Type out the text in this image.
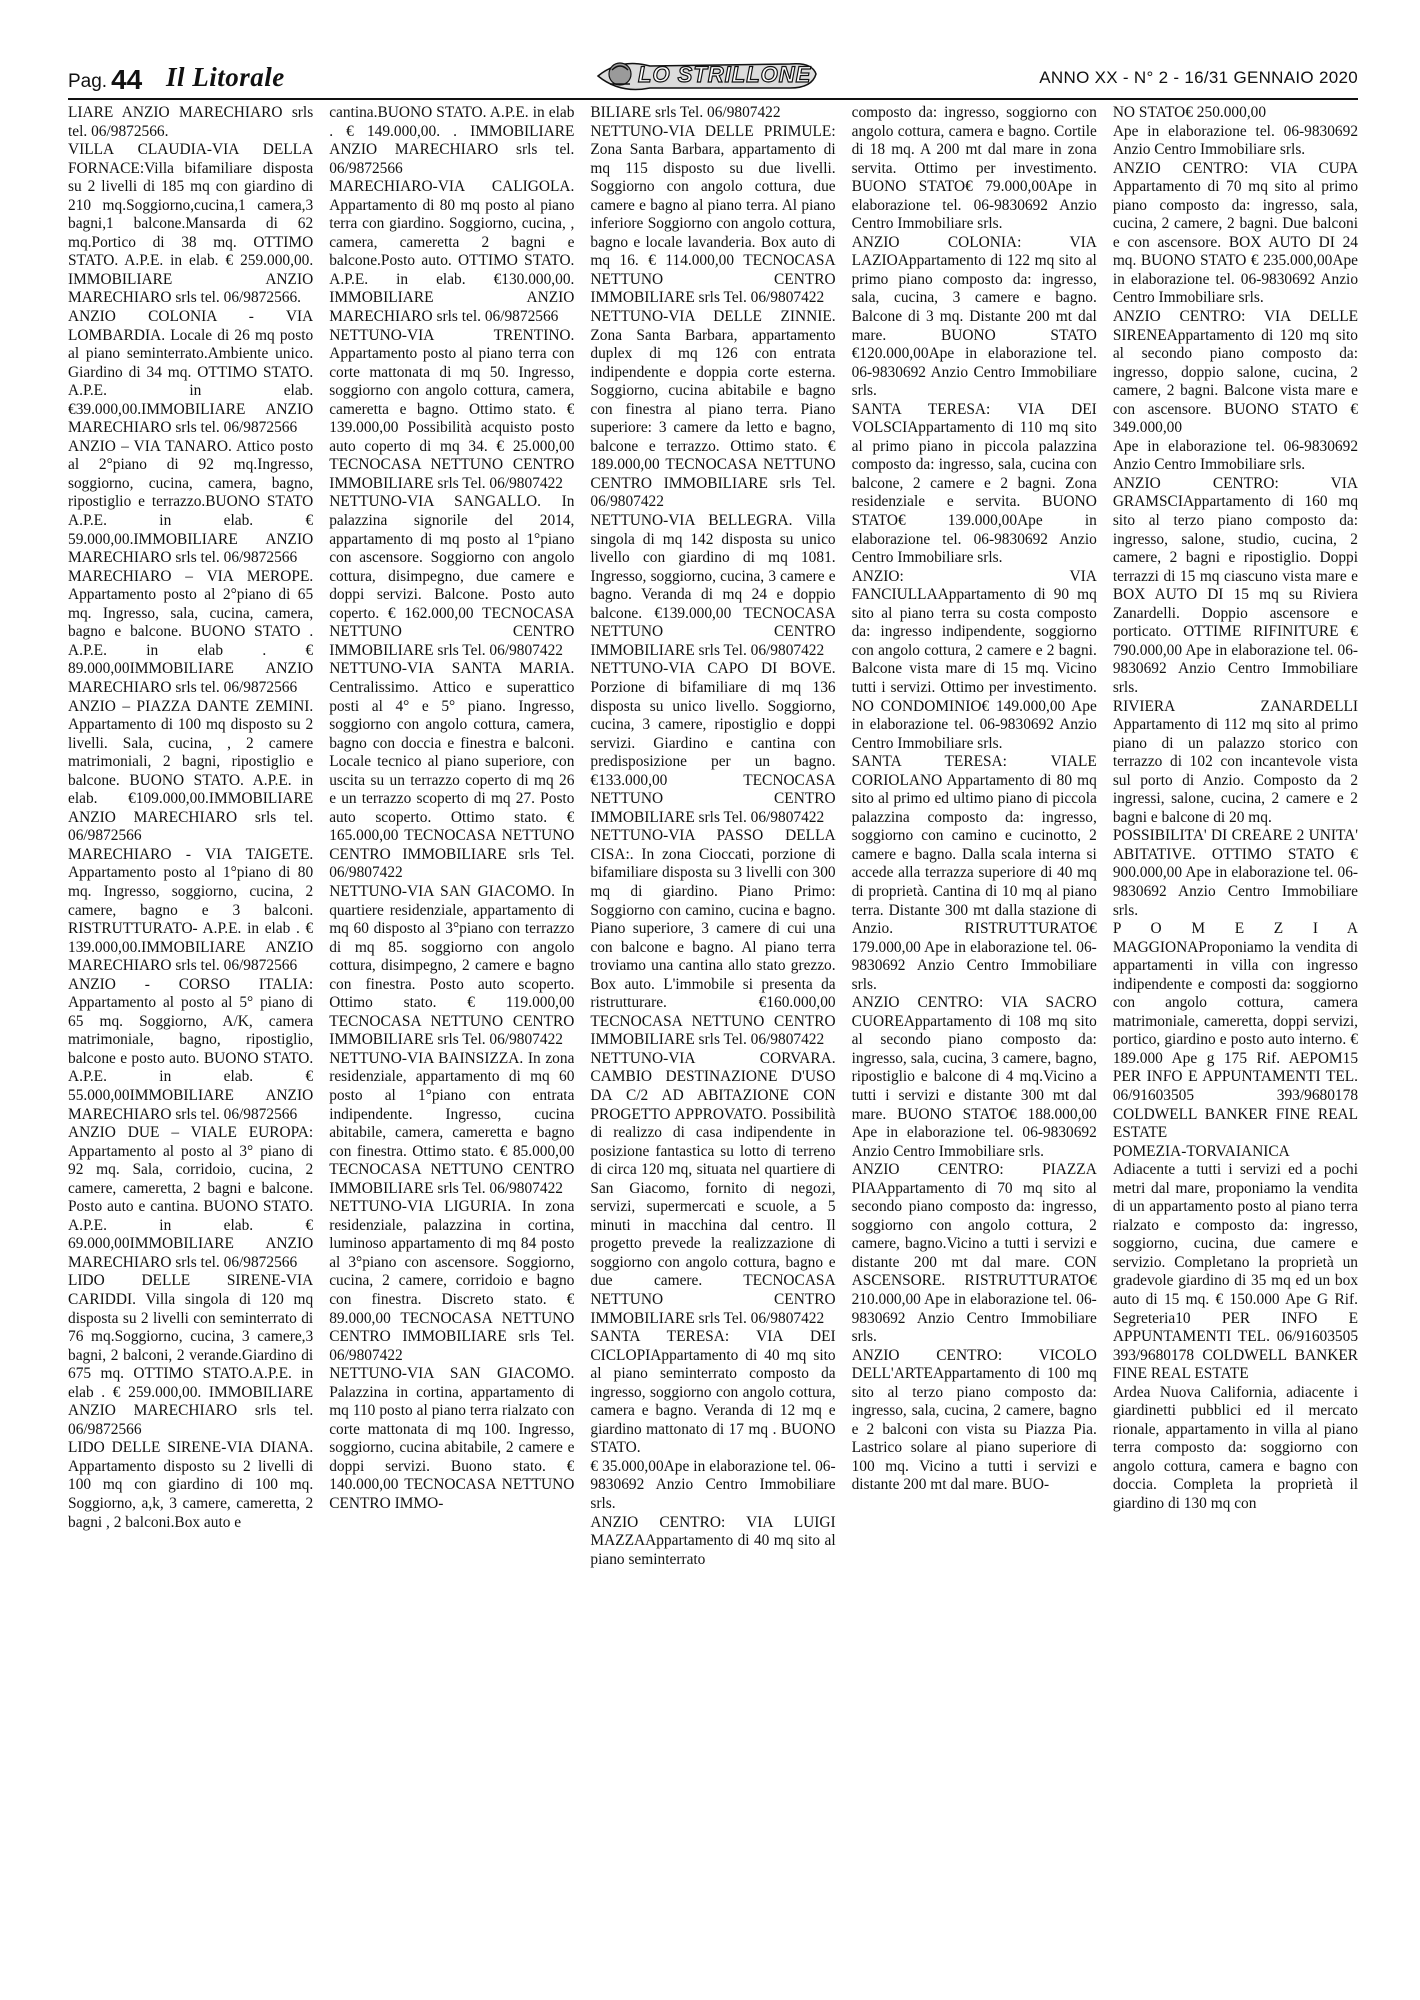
Pag. 44 Il Litorale	LO STRILLONE	ANNO XX - N° 2 - 16/31 GENNAIO 2020

LIARE ANZIO MARECHIARO srls tel. 06/9872566.

VILLA CLAUDIA-VIA DELLA FORNACE:Villa bifamiliare disposta su 2 livelli di 185 mq con giardino di 210 mq.Soggiorno,cucina,1 camera,3 bagni,1 balcone.Mansarda di 62 mq.Portico di 38 mq. OTTIMO STATO. A.P.E. in elab. € 259.000,00. IMMOBILIARE ANZIO MARECHIARO srls tel. 06/9872566.

ANZIO COLONIA - VIA LOMBARDIA. Locale di 26 mq posto al piano seminterrato.Ambiente unico. Giardino di 34 mq. OTTIMO STATO. A.P.E. in elab. €39.000,00.IMMOBILIARE ANZIO MARECHIARO srls tel. 06/9872566

ANZIO – VIA TANARO. Attico posto al 2°piano di 92 mq.Ingresso, soggiorno, cucina, camera, bagno, ripostiglio e terrazzo.BUONO STATO A.P.E. in elab. € 59.000,00.IMMOBILIARE ANZIO MARECHIARO srls tel. 06/9872566

MARECHIARO – VIA MEROPE. Appartamento posto al 2°piano di 65 mq. Ingresso, sala, cucina, camera, bagno e balcone. BUONO STATO . A.P.E. in elab . € 89.000,00IMMOBILIARE ANZIO MARECHIARO srls tel. 06/9872566

ANZIO – PIAZZA DANTE ZEMINI. Appartamento di 100 mq disposto su 2 livelli. Sala, cucina, , 2 camere matrimoniali, 2 bagni, ripostiglio e balcone. BUONO STATO. A.P.E. in elab. €109.000,00.IMMOBILIARE ANZIO MARECHIARO srls tel. 06/9872566

MARECHIARO - VIA TAIGETE. Appartamento posto al 1°piano di 80 mq. Ingresso, soggiorno, cucina, 2 camere, bagno e 3 balconi. RISTRUTTURATO- A.P.E. in elab . € 139.000,00.IMMOBILIARE ANZIO MARECHIARO srls tel. 06/9872566

ANZIO - CORSO ITALIA: Appartamento al posto al 5° piano di 65 mq. Soggiorno, A/K, camera matrimoniale, bagno, ripostiglio, balcone e posto auto. BUONO STATO. A.P.E. in elab. € 55.000,00IMMOBILIARE ANZIO MARECHIARO srls tel. 06/9872566

ANZIO DUE – VIALE EUROPA: Appartamento al posto al 3° piano di 92 mq. Sala, corridoio, cucina, 2 camere, cameretta, 2 bagni e balcone. Posto auto e cantina. BUONO STATO. A.P.E. in elab. € 69.000,00IMMOBILIARE ANZIO MARECHIARO srls tel. 06/9872566

LIDO DELLE SIRENE-VIA CARIDDI. Villa singola di 120 mq disposta su 2 livelli con seminterrato di 76 mq.Soggiorno, cucina, 3 camere,3 bagni, 2 balconi, 2 verande.Giardino di 675 mq. OTTIMO STATO.A.P.E. in elab . € 259.000,00. IMMOBILIARE ANZIO MARECHIARO srls tel. 06/9872566

LIDO DELLE SIRENE-VIA DIANA. Appartamento disposto su 2 livelli di 100 mq con giardino di 100 mq. Soggiorno, a,k, 3 camere, cameretta, 2 bagni , 2 balconi.Box auto e

cantina.BUONO STATO. A.P.E. in elab . € 149.000,00. . IMMOBILIARE ANZIO MARECHIARO srls tel. 06/9872566

MARECHIARO-VIA CALIGOLA. Appartamento di 80 mq posto al piano terra con giardino. Soggiorno, cucina, , camera, cameretta 2 bagni e balcone.Posto auto. OTTIMO STATO. A.P.E. in elab. €130.000,00. IMMOBILIARE ANZIO MARECHIARO srls tel. 06/9872566

NETTUNO-VIA TRENTINO. Appartamento posto al piano terra con corte mattonata di mq 50. Ingresso, soggiorno con angolo cottura, camera, cameretta e bagno. Ottimo stato. € 139.000,00 Possibilità acquisto posto auto coperto di mq 34. € 25.000,00 TECNOCASA NETTUNO CENTRO IMMOBILIARE srls Tel. 06/9807422

NETTUNO-VIA SANGALLO. In palazzina signorile del 2014, appartamento di mq posto al 1°piano con ascensore. Soggiorno con angolo cottura, disimpegno, due camere e doppi servizi. Balcone. Posto auto coperto. € 162.000,00 TECNOCASA NETTUNO CENTRO IMMOBILIARE srls Tel. 06/9807422

NETTUNO-VIA SANTA MARIA. Centralissimo. Attico e superattico posti al 4° e 5° piano. Ingresso, soggiorno con angolo cottura, camera, bagno con doccia e finestra e balconi. Locale tecnico al piano superiore, con uscita su un terrazzo coperto di mq 26 e un terrazzo scoperto di mq 27. Posto auto scoperto. Ottimo stato. € 165.000,00 TECNOCASA NETTUNO CENTRO IMMOBILIARE srls Tel. 06/9807422

NETTUNO-VIA SAN GIACOMO. In quartiere residenziale, appartamento di mq 60 disposto al 3°piano con terrazzo di mq 85. soggiorno con angolo cottura, disimpegno, 2 camere e bagno con finestra. Posto auto scoperto. Ottimo stato. € 119.000,00 TECNOCASA NETTUNO CENTRO IMMOBILIARE srls Tel. 06/9807422

NETTUNO-VIA BAINSIZZA. In zona residenziale, appartamento di mq 60 posto al 1°piano con entrata indipendente. Ingresso, cucina abitabile, camera, cameretta e bagno con finestra. Ottimo stato. € 85.000,00 TECNOCASA NETTUNO CENTRO IMMOBILIARE srls Tel. 06/9807422

NETTUNO-VIA LIGURIA. In zona residenziale, palazzina in cortina, luminoso appartamento di mq 84 posto al 3°piano con ascensore. Soggiorno, cucina, 2 camere, corridoio e bagno con finestra. Discreto stato. € 89.000,00 TECNOCASA NETTUNO CENTRO IMMOBILIARE srls Tel. 06/9807422

NETTUNO-VIA SAN GIACOMO. Palazzina in cortina, appartamento di mq 110 posto al piano terra rialzato con corte mattonata di mq 100. Ingresso, soggiorno, cucina abitabile, 2 camere e doppi servizi. Buono stato. € 140.000,00 TECNOCASA NETTUNO CENTRO IMMO-

BILIARE srls Tel. 06/9807422

NETTUNO-VIA DELLE PRIMULE: Zona Santa Barbara, appartamento di mq 115 disposto su due livelli. Soggiorno con angolo cottura, due camere e bagno al piano terra. Al piano inferiore Soggiorno con angolo cottura, bagno e locale lavanderia. Box auto di mq 16. € 114.000,00 TECNOCASA NETTUNO CENTRO IMMOBILIARE srls Tel. 06/9807422

NETTUNO-VIA DELLE ZINNIE. Zona Santa Barbara, appartamento duplex di mq 126 con entrata indipendente e doppia corte esterna. Soggiorno, cucina abitabile e bagno con finestra al piano terra. Piano superiore: 3 camere da letto e bagno, balcone e terrazzo. Ottimo stato. € 189.000,00 TECNOCASA NETTUNO CENTRO IMMOBILIARE srls Tel. 06/9807422

NETTUNO-VIA BELLEGRA. Villa singola di mq 142 disposta su unico livello con giardino di mq 1081. Ingresso, soggiorno, cucina, 3 camere e bagno. Veranda di mq 24 e doppio balcone. €139.000,00 TECNOCASA NETTUNO CENTRO IMMOBILIARE srls Tel. 06/9807422

NETTUNO-VIA CAPO DI BOVE. Porzione di bifamiliare di mq 136 disposta su unico livello. Soggiorno, cucina, 3 camere, ripostiglio e doppi servizi. Giardino e cantina con predisposizione per un bagno. €133.000,00 TECNOCASA NETTUNO CENTRO IMMOBILIARE srls Tel. 06/9807422

NETTUNO-VIA PASSO DELLA CISA:. In zona Cioccati, porzione di bifamiliare disposta su 3 livelli con 300 mq di giardino. Piano Primo: Soggiorno con camino, cucina e bagno. Piano superiore, 3 camere di cui una con balcone e bagno. Al piano terra troviamo una cantina allo stato grezzo. Box auto. L'immobile si presenta da ristrutturare. €160.000,00 TECNOCASA NETTUNO CENTRO IMMOBILIARE srls Tel. 06/9807422

NETTUNO-VIA CORVARA. CAMBIO DESTINAZIONE D'USO DA C/2 AD ABITAZIONE CON PROGETTO APPROVATO. Possibilità di realizzo di casa indipendente in posizione fantastica su lotto di terreno di circa 120 mq, situata nel quartiere di San Giacomo, fornito di negozi, servizi, supermercati e scuole, a 5 minuti in macchina dal centro. Il progetto prevede la realizzazione di soggiorno con angolo cottura, bagno e due camere. TECNOCASA NETTUNO CENTRO IMMOBILIARE srls Tel. 06/9807422

SANTA TERESA: VIA DEI CICLOPIAppartamento di 40 mq sito al piano seminterrato composto da ingresso, soggiorno con angolo cottura, camera e bagno. Veranda di 12 mq e giardino mattonato di 17 mq . BUONO STATO.

€ 35.000,00Ape in elaborazione tel. 06-9830692 Anzio Centro Immobiliare srls.

ANZIO CENTRO: VIA LUIGI MAZZAAppartamento di 40 mq sito al piano seminterrato

composto da: ingresso, soggiorno con angolo cottura, camera e bagno. Cortile di 18 mq. A 200 mt dal mare in zona servita. Ottimo per investimento. BUONO STATO€ 79.000,00Ape in elaborazione tel. 06-9830692 Anzio Centro Immobiliare srls.

ANZIO COLONIA: VIA LAZIOAppartamento di 122 mq sito al primo piano composto da: ingresso, sala, cucina, 3 camere e bagno. Balcone di 3 mq. Distante 200 mt dal mare. BUONO STATO €120.000,00Ape in elaborazione tel. 06-9830692 Anzio Centro Immobiliare srls.

SANTA TERESA: VIA DEI VOLSCIAppartamento di 110 mq sito al primo piano in piccola palazzina composto da: ingresso, sala, cucina con balcone, 2 camere e 2 bagni. Zona residenziale e servita. BUONO STATO€ 139.000,00Ape in elaborazione tel. 06-9830692 Anzio Centro Immobiliare srls.

ANZIO: VIA FANCIULLAAppartamento di 90 mq sito al piano terra su costa composto da: ingresso indipendente, soggiorno con angolo cottura, 2 camere e 2 bagni. Balcone vista mare di 15 mq. Vicino tutti i servizi. Ottimo per investimento. NO CONDOMINIO€ 149.000,00 Ape in elaborazione tel. 06-9830692 Anzio Centro Immobiliare srls.

SANTA TERESA: VIALE CORIOLANO Appartamento di 80 mq sito al primo ed ultimo piano di piccola palazzina composto da: ingresso, soggiorno con camino e cucinotto, 2 camere e bagno. Dalla scala interna si accede alla terrazza superiore di 40 mq di proprietà. Cantina di 10 mq al piano terra. Distante 300 mt dalla stazione di Anzio. RISTRUTTURATO€ 179.000,00 Ape in elaborazione tel. 06-9830692 Anzio Centro Immobiliare srls.

ANZIO CENTRO: VIA SACRO CUOREAppartamento di 108 mq sito al secondo piano composto da: ingresso, sala, cucina, 3 camere, bagno, ripostiglio e balcone di 4 mq.Vicino a tutti i servizi e distante 300 mt dal mare. BUONO STATO€ 188.000,00 Ape in elaborazione tel. 06-9830692 Anzio Centro Immobiliare srls.

ANZIO CENTRO: PIAZZA PIAAppartamento di 70 mq sito al secondo piano composto da: ingresso, soggiorno con angolo cottura, 2 camere, bagno.Vicino a tutti i servizi e distante 200 mt dal mare. CON ASCENSORE. RISTRUTTURATO€ 210.000,00 Ape in elaborazione tel. 06-9830692 Anzio Centro Immobiliare srls.

ANZIO CENTRO: VICOLO DELL'ARTEAppartamento di 100 mq sito al terzo piano composto da: ingresso, sala, cucina, 2 camere, bagno e 2 balconi con vista su Piazza Pia. Lastrico solare al piano superiore di 100 mq. Vicino a tutti i servizi e distante 200 mt dal mare. BUO-

NO STATO€ 250.000,00

Ape in elaborazione tel. 06-9830692 Anzio Centro Immobiliare srls.

ANZIO CENTRO: VIA CUPA Appartamento di 70 mq sito al primo piano composto da: ingresso, sala, cucina, 2 camere, 2 bagni. Due balconi e con ascensore. BOX AUTO DI 24 mq. BUONO STATO € 235.000,00Ape in elaborazione tel. 06-9830692 Anzio Centro Immobiliare srls.

ANZIO CENTRO: VIA DELLE SIRENEAppartamento di 120 mq sito al secondo piano composto da: ingresso, doppio salone, cucina, 2 camere, 2 bagni. Balcone vista mare e con ascensore. BUONO STATO € 349.000,00

Ape in elaborazione tel. 06-9830692 Anzio Centro Immobiliare srls.

ANZIO CENTRO: VIA GRAMSCIAppartamento di 160 mq sito al terzo piano composto da: ingresso, salone, studio, cucina, 2 camere, 2 bagni e ripostiglio. Doppi terrazzi di 15 mq ciascuno vista mare e BOX AUTO DI 15 mq su Riviera Zanardelli. Doppio ascensore e porticato. OTTIME RIFINITURE € 790.000,00 Ape in elaborazione tel. 06-9830692 Anzio Centro Immobiliare srls.

RIVIERA ZANARDELLI Appartamento di 112 mq sito al primo piano di un palazzo storico con terrazzo di 102 con incantevole vista sul porto di Anzio. Composto da 2 ingressi, salone, cucina, 2 camere e 2 bagni e balcone di 20 mq.

POSSIBILITA' DI CREARE 2 UNITA' ABITATIVE. OTTIMO STATO € 900.000,00 Ape in elaborazione tel. 06-9830692 Anzio Centro Immobiliare srls.

P O M E Z I A MAGGIONAProponiamo la vendita di appartamenti in villa con ingresso indipendente e composti da: soggiorno con angolo cottura, camera matrimoniale, cameretta, doppi servizi, portico, giardino e posto auto interno. € 189.000 Ape g 175 Rif. AEPOM15 PER INFO E APPUNTAMENTI TEL. 06/91603505 393/9680178 COLDWELL BANKER FINE REAL ESTATE

POMEZIA-TORVAIANICA

Adiacente a tutti i servizi ed a pochi metri dal mare, proponiamo la vendita di un appartamento posto al piano terra rialzato e composto da: ingresso, soggiorno, cucina, due camere e servizio. Completano la proprietà un gradevole giardino di 35 mq ed un box auto di 15 mq. € 150.000 Ape G Rif. Segreteria10 PER INFO E APPUNTAMENTI TEL. 06/91603505 393/9680178 COLDWELL BANKER FINE REAL ESTATE

Ardea Nuova California, adiacente i giardinetti pubblici ed il mercato rionale, appartamento in villa al piano terra composto da: soggiorno con angolo cottura, camera e bagno con doccia. Completa la proprietà il giardino di 130 mq con
